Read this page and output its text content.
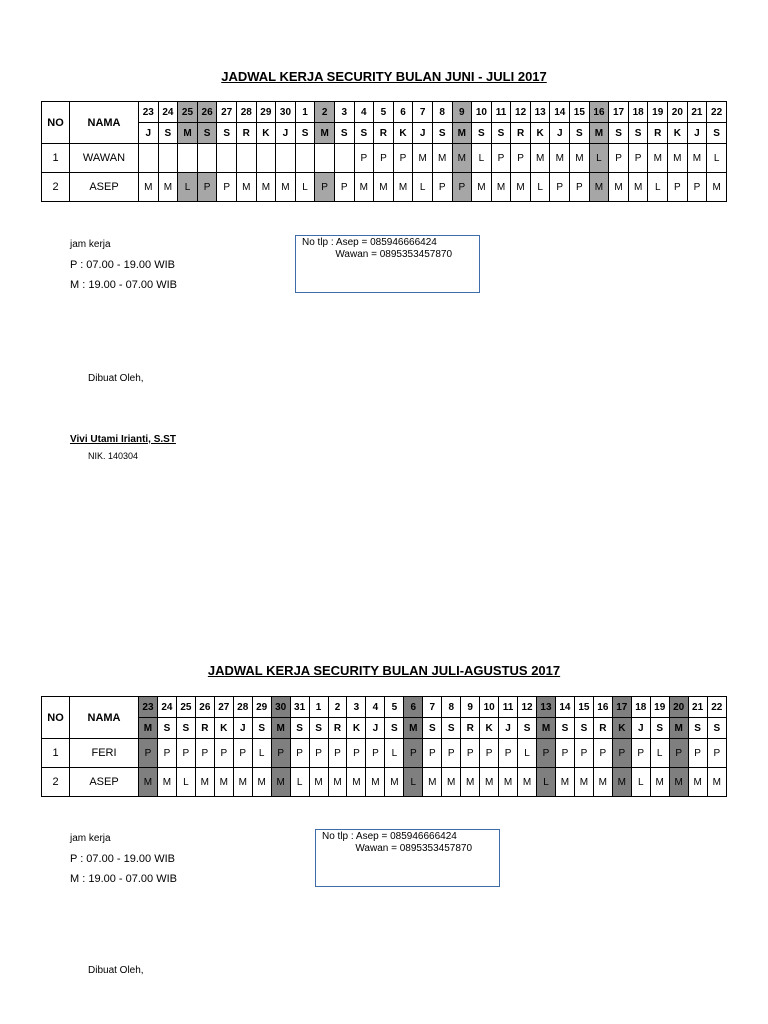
JADWAL KERJA SECURITY BULAN JUNI - JULI 2017
NO	NAMA	23	24	25	26	27	28	29	30	1	2	3	4	5	6	7	8	9	10	11	12	13	14	15	16	17	18	19	20	21	22
		J	S	M	S	S	R	K	J	S	M	S	S	R	K	J	S	M	S	S	R	K	J	S	M	S	S	R	K	J	S
1	WAWAN												P	P	P	M	M	M	L	P	P	M	M	M	L	P	P	M	M	M	L
2	ASEP	M	M	L	P	P	M	M	M	L	P	P	M	M	M	L	P	P	M	M	M	L	P	P	M	M	M	L	P	P	M
jam kerja
P : 07.00 - 19.00 WIB
M : 19.00 - 07.00 WIB
No tlp : Asep = 085946666424
Wawan = 0895353457870
Dibuat Oleh,
Vivi Utami Irianti, S.ST
NIK. 140304
JADWAL KERJA SECURITY BULAN JULI-AGUSTUS 2017
NO	NAMA	23	24	25	26	27	28	29	30	31	1	2	3	4	5	6	7	8	9	10	11	12	13	14	15	16	17	18	19	20	21	22
		M	S	S	R	K	J	S	M	S	S	R	K	J	S	M	S	S	R	K	J	S	M	S	S	R	K	J	S	M	S	S
1	FERI	P	P	P	P	P	P	L	P	P	P	P	P	P	L	P	P	P	P	P	P	L	P	P	P	P	P	P	L	P	P	P
2	ASEP	M	M	L	M	M	M	M	M	L	M	M	M	M	M	L	M	M	M	M	M	M	L	M	M	M	M	L	M	M	M	M
jam kerja
P : 07.00 - 19.00 WIB
M : 19.00 - 07.00 WIB
No tlp : Asep = 085946666424
Wawan = 0895353457870
Dibuat Oleh,
